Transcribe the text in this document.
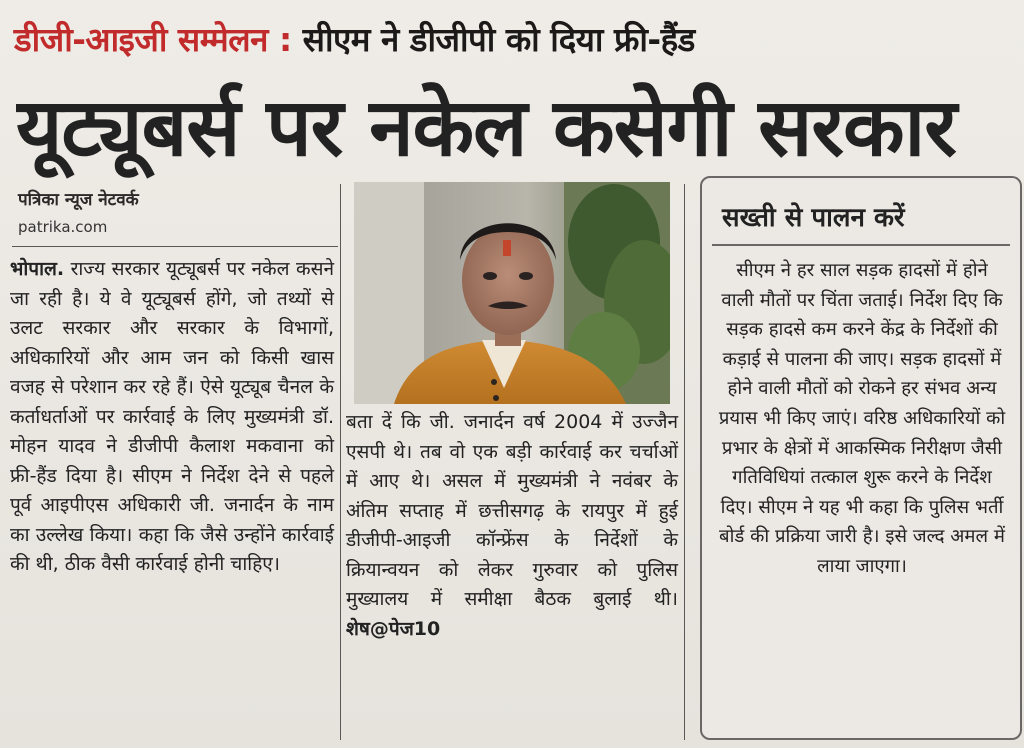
डीजी-आइजी सम्मेलन : सीएम ने डीजीपी को दिया फ्री-हैंड
यूट्यूबर्स पर नकेल कसेगी सरकार
पत्रिका न्यूज नेटवर्क
patrika.com
भोपाल. राज्य सरकार यूट्यूबर्स पर नकेल कसने जा रही है। ये वे यूट्यूबर्स होंगे, जो तथ्यों से उलट सरकार और सरकार के विभागों, अधिकारियों और आम जन को किसी खास वजह से परेशान कर रहे हैं। ऐसे यूट्यूब चैनल के कर्ताधर्ताओं पर कार्रवाई के लिए मुख्यमंत्री डॉ. मोहन यादव ने डीजीपी कैलाश मकवाना को फ्री-हैंड दिया है। सीएम ने निर्देश देने से पहले पूर्व आइपीएस अधिकारी जी. जनार्दन के नाम का उल्लेख किया। कहा कि जैसे उन्होंने कार्रवाई की थी, ठीक वैसी कार्रवाई होनी चाहिए।
बता दें कि जी. जनार्दन वर्ष 2004 में उज्जैन एसपी थे। तब वो एक बड़ी कार्रवाई कर चर्चाओं में आए थे। असल में मुख्यमंत्री ने नवंबर के अंतिम सप्ताह में छत्तीसगढ़ के रायपुर में हुई डीजीपी-आइजी कॉन्फ्रेंस के निर्देशों के क्रियान्वयन को लेकर गुरुवार को पुलिस मुख्यालय में समीक्षा बैठक बुलाई थी। शेष@पेज10
सख्ती से पालन करें
सीएम ने हर साल सड़क हादसों में होने वाली मौतों पर चिंता जताई। निर्देश दिए कि सड़क हादसे कम करने केंद्र के निर्देशों की कड़ाई से पालना की जाए। सड़क हादसों में होने वाली मौतों को रोकने हर संभव अन्य प्रयास भी किए जाएं। वरिष्ठ अधिकारियों को प्रभार के क्षेत्रों में आकस्मिक निरीक्षण जैसी गतिविधियां तत्काल शुरू करने के निर्देश दिए। सीएम ने यह भी कहा कि पुलिस भर्ती बोर्ड की प्रक्रिया जारी है। इसे जल्द अमल में लाया जाएगा।
